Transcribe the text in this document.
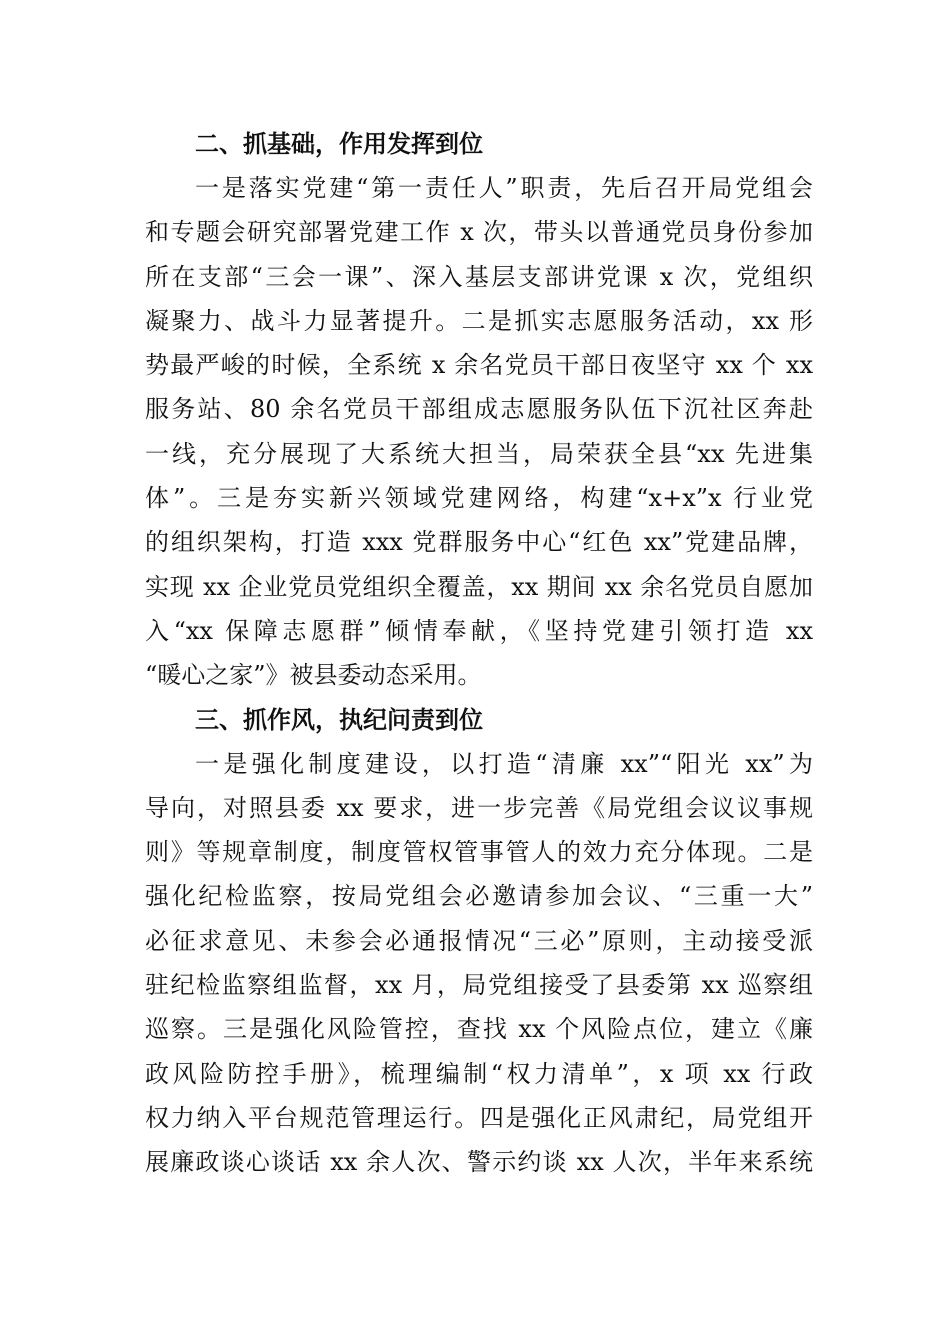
二、抓基础，作用发挥到位
一是落实党建“第一责任人”职责，先后召开局党组会
和专题会研究部署党建工作 x 次，带头以普通党员身份参加
所在支部“三会一课”、深入基层支部讲党课 x 次，党组织
凝聚力、战斗力显著提升。二是抓实志愿服务活动，xx 形
势最严峻的时候，全系统 x 余名党员干部日夜坚守 xx 个 xx
服务站、80 余名党员干部组成志愿服务队伍下沉社区奔赴
一线，充分展现了大系统大担当，局荣获全县“xx 先进集
体”。三是夯实新兴领域党建网络，构建“x+x”x 行业党
的组织架构，打造 xxx 党群服务中心“红色 xx”党建品牌，
实现 xx 企业党员党组织全覆盖，xx 期间 xx 余名党员自愿加
入“xx 保障志愿群”倾情奉献，《坚持党建引领打造 xx
“暖心之家”》被县委动态采用。
三、抓作风，执纪问责到位
一是强化制度建设，以打造“清廉 xx”“阳光 xx”为
导向，对照县委 xx 要求，进一步完善《局党组会议议事规
则》等规章制度，制度管权管事管人的效力充分体现。二是
强化纪检监察，按局党组会必邀请参加会议、“三重一大”
必征求意见、未参会必通报情况“三必”原则，主动接受派
驻纪检监察组监督，xx 月，局党组接受了县委第 xx 巡察组
巡察。三是强化风险管控，查找 xx 个风险点位，建立《廉
政风险防控手册》，梳理编制“权力清单”，x 项 xx 行政
权力纳入平台规范管理运行。四是强化正风肃纪，局党组开
展廉政谈心谈话 xx 余人次、警示约谈 xx 人次，半年来系统
